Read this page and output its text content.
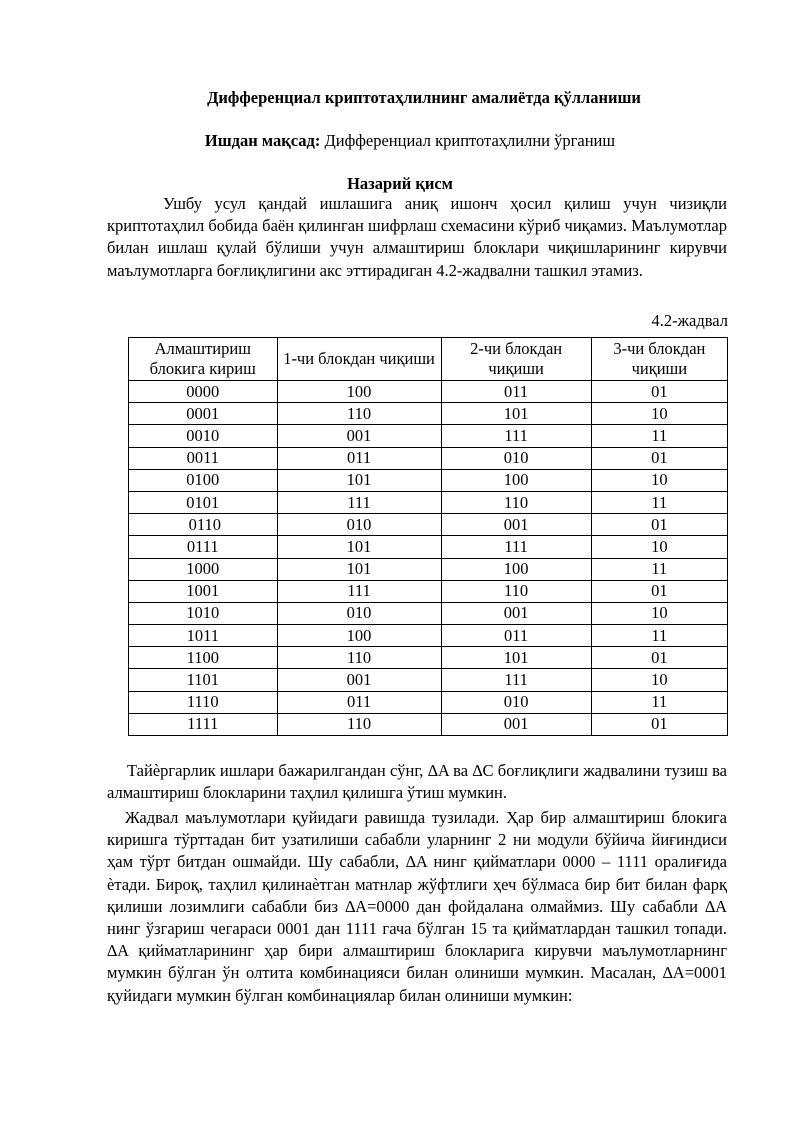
Дифференциал криптотаҳлилнинг амалиётда қўлланиши
Ишдан мақсад: Дифференциал криптотаҳлилни ўрганиш
Назарий қисм

Ушбу усул қандай ишлашига аниқ ишонч ҳосил қилиш учун чизиқли криптотаҳлил бобида баён қилинган шифрлаш схемасини кўриб чиқамиз. Маълумотлар билан ишлаш қулай бўлиши учун алмаштириш блоклари чиқишларининг кирувчи маълумотларга боғлиқлигини акс эттирадиган 4.2-жадвални ташкил этамиз.

4.2-жадвал
Алмаштириш блокига кириш	1-чи блокдан чиқиши	2-чи блокдан чиқиши	3-чи блокдан чиқиши
0000	100	011	01
0001	110	101	10
0010	001	111	11
0011	011	010	01
0100	101	100	10
0101	111	110	11
0110	010	001	01
0111	101	111	10
1000	101	100	11
1001	111	110	01
1010	010	001	10
1011	100	011	11
1100	110	101	01
1101	001	111	10
1110	011	010	11
1111	110	001	01

Тайѐргарлик ишлари бажарилгандан сўнг, ∆A ва ∆C боғлиқлиги жадвалини тузиш ва алмаштириш блокларини таҳлил қилишга ўтиш мумкин.

Жадвал маълумотлари қуйидаги равишда тузилади. Ҳар бир алмаштириш блокига киришга тўрттадан бит узатилиши сабабли уларнинг 2 ни модули бўйича йиғиндиси ҳам тўрт битдан ошмайди. Шу сабабли, ∆A нинг қийматлари 0000 – 1111 оралиғида ѐтади. Бироқ, таҳлил қилинаѐтган матнлар жўфтлиги ҳеч бўлмаса бир бит билан фарқ қилиши лозимлиги сабабли биз ∆A=0000 дан фойдалана олмаймиз. Шу сабабли ∆A нинг ўзгариш чегараси 0001 дан 1111 гача бўлган 15 та қийматлардан ташкил топади. ∆A қийматларининг ҳар бири алмаштириш блокларига кирувчи маълумотларнинг мумкин бўлган ўн олтита комбинацияси билан олиниши мумкин. Масалан, ∆A=0001 қуйидаги мумкин бўлган комбинациялар билан олиниши мумкин:
